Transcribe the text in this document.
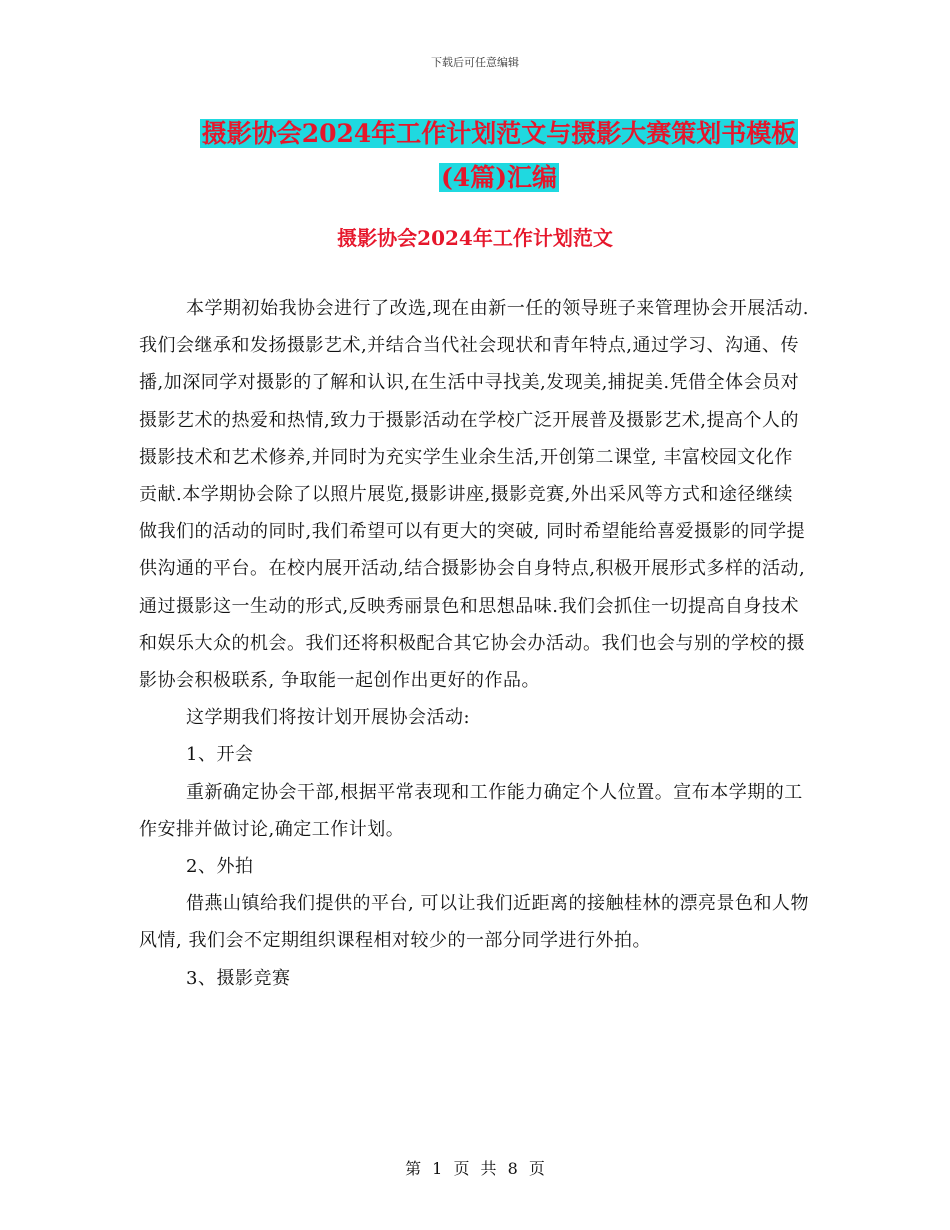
下载后可任意编辑
摄影协会2024年工作计划范文与摄影大赛策划书模板
(4篇)汇编
摄影协会2024年工作计划范文

本学期初始我协会进行了改选,现在由新一任的领导班子来管理协会开展活动.我们会继承和发扬摄影艺术,并结合当代社会现状和青年特点,通过学习、沟通、传播,加深同学对摄影的了解和认识,在生活中寻找美,发现美,捕捉美.凭借全体会员对摄影艺术的热爱和热情,致力于摄影活动在学校广泛开展普及摄影艺术,提高个人的摄影技术和艺术修养,并同时为充实学生业余生活,开创第二课堂, 丰富校园文化作贡献.本学期协会除了以照片展览,摄影讲座,摄影竞赛,外出采风等方式和途径继续做我们的活动的同时,我们希望可以有更大的突破, 同时希望能给喜爱摄影的同学提供沟通的平台。在校内展开活动,结合摄影协会自身特点,积极开展形式多样的活动,通过摄影这一生动的形式,反映秀丽景色和思想品味.我们会抓住一切提高自身技术和娱乐大众的机会。我们还将积极配合其它协会办活动。我们也会与别的学校的摄影协会积极联系, 争取能一起创作出更好的作品。

这学期我们将按计划开展协会活动:

1、开会

重新确定协会干部,根据平常表现和工作能力确定个人位置。宣布本学期的工作安排并做讨论,确定工作计划。

2、外拍

借燕山镇给我们提供的平台, 可以让我们近距离的接触桂林的漂亮景色和人物风情, 我们会不定期组织课程相对较少的一部分同学进行外拍。

3、摄影竞赛

第 1 页 共 8 页
